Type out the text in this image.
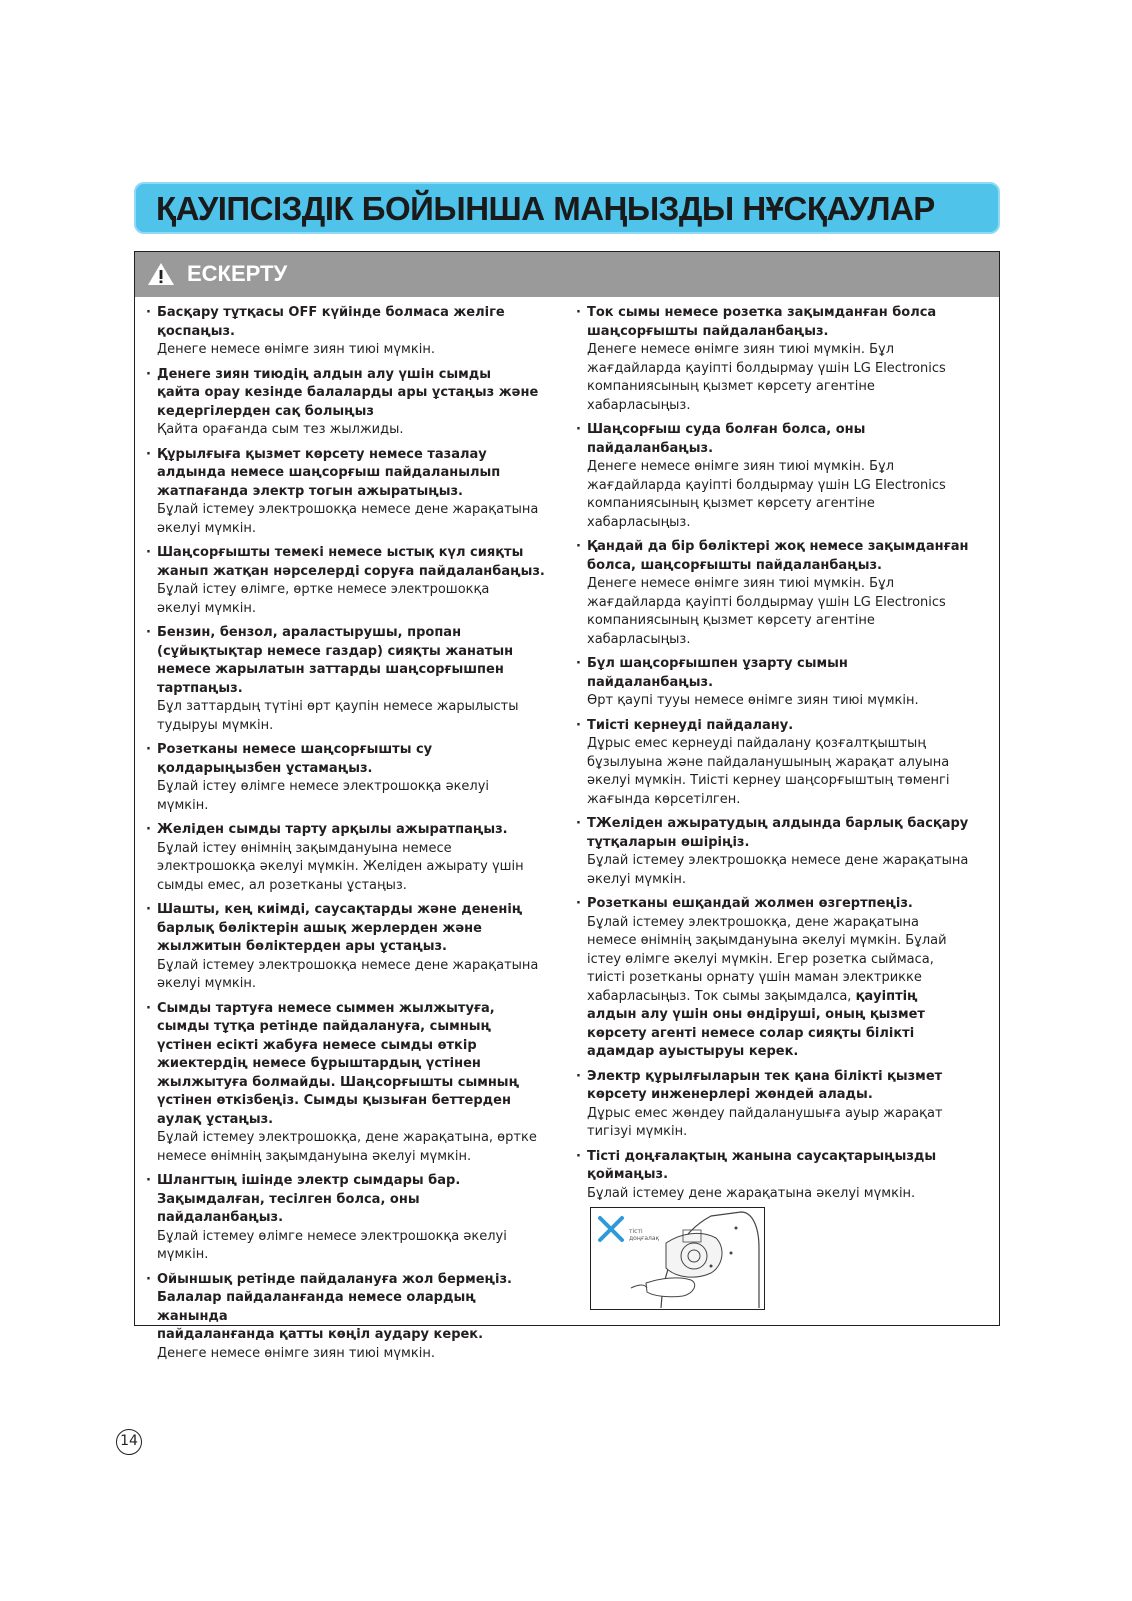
ҚАУІПСІЗДІК БОЙЫНША МАҢЫЗДЫ НҰСҚАУЛАР
ЕСКЕРТУ
· Басқару тұтқасы OFF күйінде болмаса желіге
қоспаңыз.
Денеге немесе өнімге зиян тиюі мүмкін.
· Денеге зиян тиюдің алдын алу үшін сымды
қайта орау кезінде балаларды ары ұстаңыз және
кедергілерден сақ болыңыз
Қайта орағанда сым тез жылжиды.
· Құрылғыға қызмет көрсету немесе тазалау
алдында немесе шаңсорғыш пайдаланылып
жатпағанда электр тогын ажыратыңыз.
Бұлай істемеу электрошокқа немесе дене жарақатына
әкелуі мүмкін.
· Шаңсорғышты темекі немесе ыстық күл сияқты
жанып жатқан нәрселерді соруға пайдаланбаңыз.
Бұлай істеу өлімге, өртке немесе электрошокқа
әкелуі мүмкін.
· Бензин, бензол, араластырушы, пропан
(сұйықтықтар немесе газдар) сияқты жанатын
немесе жарылатын заттарды шаңсорғышпен
тартпаңыз.
Бұл заттардың түтіні өрт қаупін немесе жарылысты
тудыруы мүмкін.
· Розетканы немесе шаңсорғышты су
қолдарыңызбен ұстамаңыз.
Бұлай істеу өлімге немесе электрошокқа әкелуі
мүмкін.
· Желіден сымды тарту арқылы ажыратпаңыз.
Бұлай істеу өнімнің зақымдануына немесе
электрошокқа әкелуі мүмкін. Желіден ажырату үшін
сымды емес, ал розетканы ұстаңыз.
· Шашты, кең киімді, саусақтарды және дененің
барлық бөліктерін ашық жерлерден және
жылжитын бөліктерден ары ұстаңыз.
Бұлай істемеу электрошокқа немесе дене жарақатына
әкелуі мүмкін.
· Сымды тартуға немесе сыммен жылжытуға,
сымды тұтқа ретінде пайдалануға, сымның
үстінен есікті жабуға немесе сымды өткір
жиектердің немесе бұрыштардың үстінен
жылжытуға болмайды. Шаңсорғышты сымның
үстінен өткізбеңіз. Сымды қызыған беттерден
аулақ ұстаңыз.
Бұлай істемеу электрошокқа, дене жарақатына, өртке
немесе өнімнің зақымдануына әкелуі мүмкін.
· Шлангтың ішінде электр сымдары бар.
Зақымдалған, тесілген болса, оны пайдаланбаңыз.
Бұлай істемеу өлімге немесе электрошокқа әкелуі
мүмкін.
· Ойыншық ретінде пайдалануға жол бермеңіз.
Балалар пайдаланғанда немесе олардың жанында
пайдаланғанда қатты көңіл аудару керек.
Денеге немесе өнімге зиян тиюі мүмкін.
· Ток сымы немесе розетка зақымданған болса
шаңсорғышты пайдаланбаңыз.
Денеге немесе өнімге зиян тиюі мүмкін. Бұл
жағдайларда қауіпті болдырмау үшін LG Electronics
компаниясының қызмет көрсету агентіне
хабарласыңыз.
· Шаңсорғыш суда болған болса, оны
пайдаланбаңыз.
Денеге немесе өнімге зиян тиюі мүмкін. Бұл
жағдайларда қауіпті болдырмау үшін LG Electronics
компаниясының қызмет көрсету агентіне
хабарласыңыз.
· Қандай да бір бөліктері жоқ немесе зақымданған
болса, шаңсорғышты пайдаланбаңыз.
Денеге немесе өнімге зиян тиюі мүмкін. Бұл
жағдайларда қауіпті болдырмау үшін LG Electronics
компаниясының қызмет көрсету агентіне
хабарласыңыз.
· Бұл шаңсорғышпен ұзарту сымын
пайдаланбаңыз.
Өрт қаупі тууы немесе өнімге зиян тиюі мүмкін.
· Тиісті кернеуді пайдалану.
Дұрыс емес кернеуді пайдалану қозғалтқыштың
бұзылуына және пайдаланушының жарақат алуына
әкелуі мүмкін. Тиісті кернеу шаңсорғыштың төменгі
жағында көрсетілген.
· ТЖеліден ажыратудың алдында барлық басқару
тұтқаларын өшіріңіз.
Бұлай істемеу электрошокқа немесе дене жарақатына
әкелуі мүмкін.
· Розетканы ешқандай жолмен өзгертпеңіз.
Бұлай істемеу электрошокқа, дене жарақатына
немесе өнімнің зақымдануына әкелуі мүмкін. Бұлай
істеу өлімге әкелуі мүмкін. Егер розетка сыймаса,
тиісті розетканы орнату үшін маман электрикке
хабарласыңыз. Ток сымы зақымдалса, қауіптің
алдын алу үшін оны өндіруші, оның қызмет
көрсету агенті немесе солар сияқты білікті
адамдар ауыстыруы керек.
· Электр құрылғыларын тек қана білікті қызмет
көрсету инженерлері жөндей алады.
Дұрыс емес жөндеу пайдаланушыға ауыр жарақат
тигізуі мүмкін.
· Тісті доңғалақтың жанына саусақтарыңызды
қоймаңыз.
Бұлай істемеу дене жарақатына әкелуі мүмкін.
тісті
доңғалақ
14
